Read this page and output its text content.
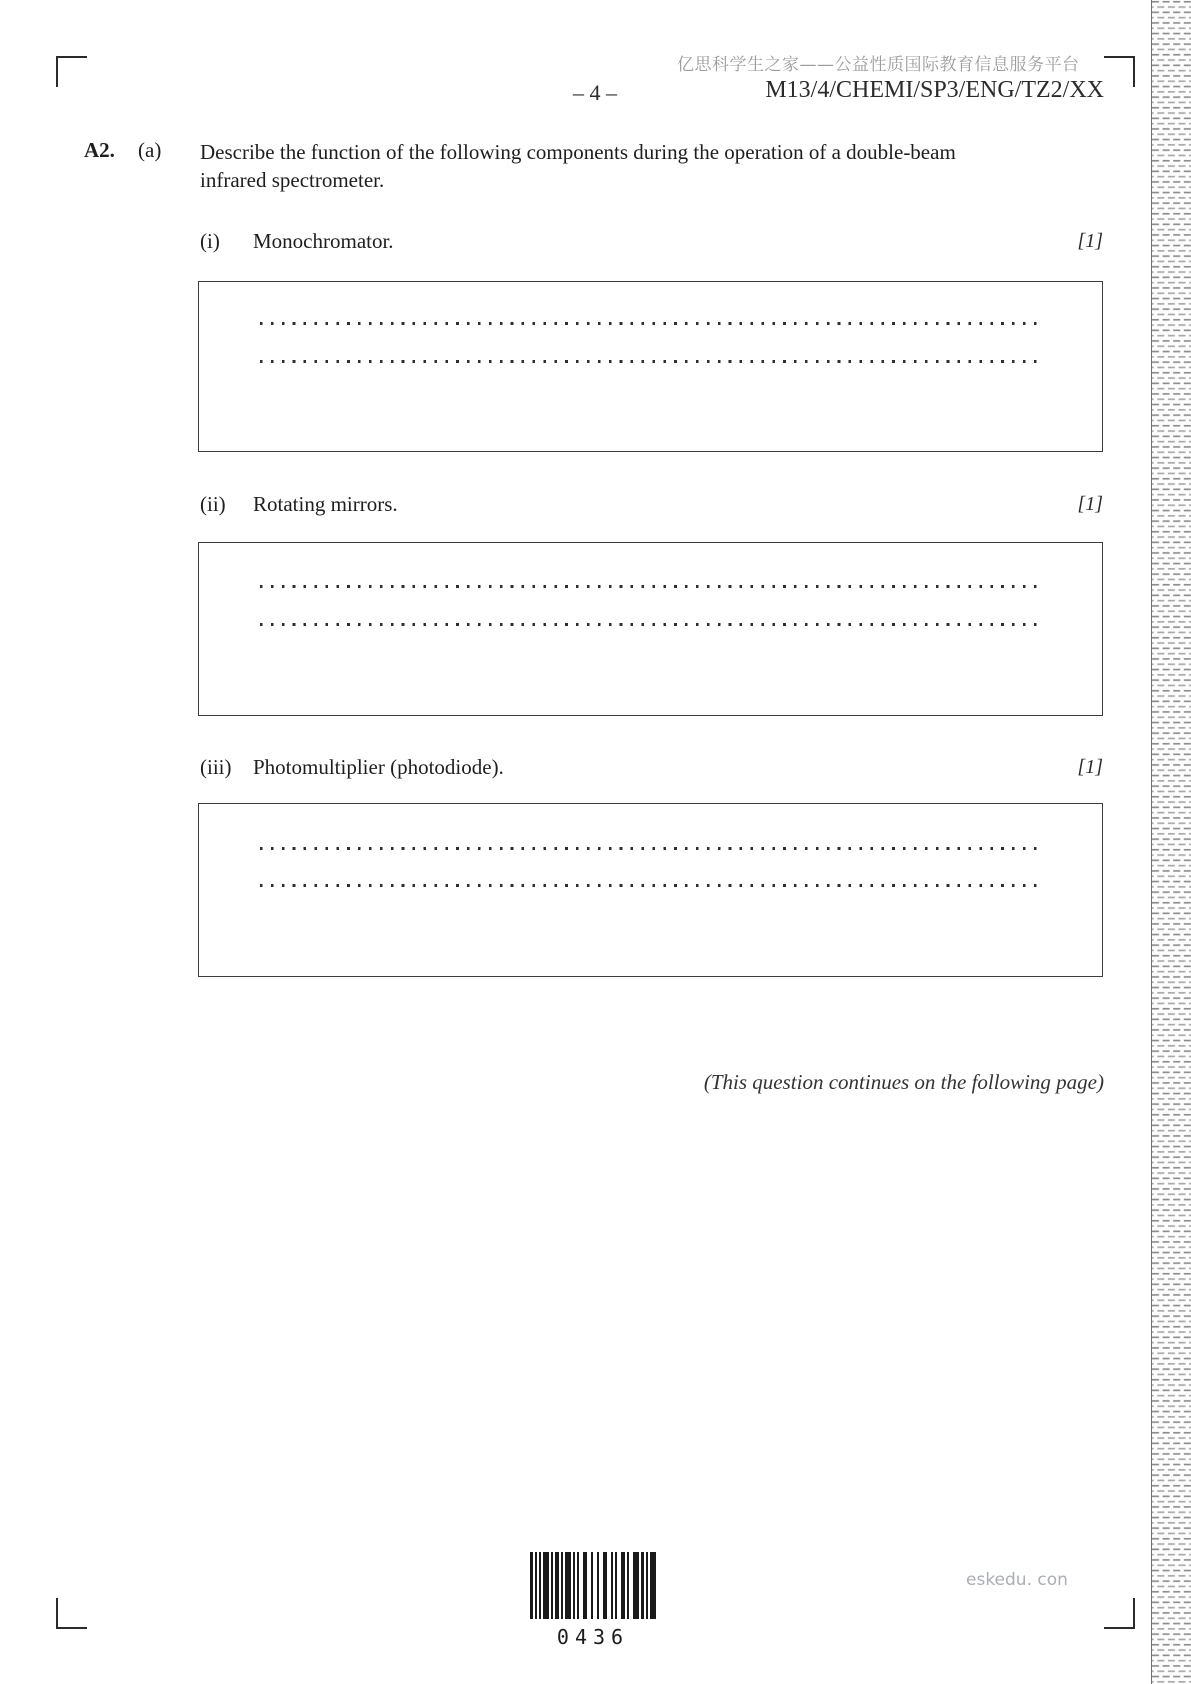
亿思科学生之家——公益性质国际教育信息服务平台
– 4 –	M13/4/CHEMI/SP3/ENG/TZ2/XX
A2. (a) Describe the function of the following components during the operation of a double-beam
infrared spectrometer.
(i) Monochromator.	[1]
(ii) Rotating mirrors.	[1]
(iii) Photomultiplier (photodiode).	[1]
(This question continues on the following page)
0436
eskedu. con
